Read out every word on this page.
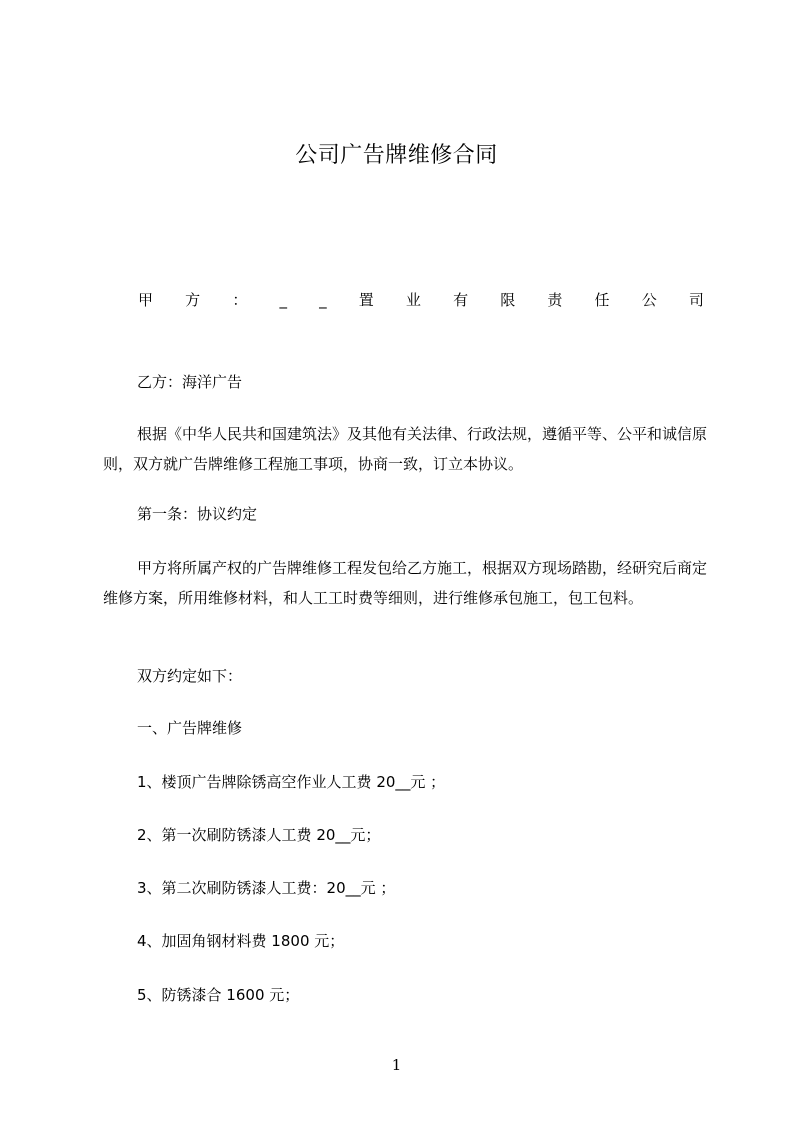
公司广告牌维修合同
甲 方 ： _ _ 置 业 有 限 责 任 公 司

乙方：海洋广告

根据《中华人民共和国建筑法》及其他有关法律、行政法规，遵循平等、公平和诚信原则，双方就广告牌维修工程施工事项，协商一致，订立本协议。

第一条：协议约定

甲方将所属产权的广告牌维修工程发包给乙方施工，根据双方现场踏勘，经研究后商定维修方案，所用维修材料，和人工工时费等细则，进行维修承包施工，包工包料。

双方约定如下：

一、广告牌维修

1、楼顶广告牌除锈高空作业人工费 20__元 ；

2、第一次刷防锈漆人工费 20__元；

3、第二次刷防锈漆人工费：20__元 ；

4、加固角钢材料费 1800 元；

5、防锈漆合 1600 元；

1
